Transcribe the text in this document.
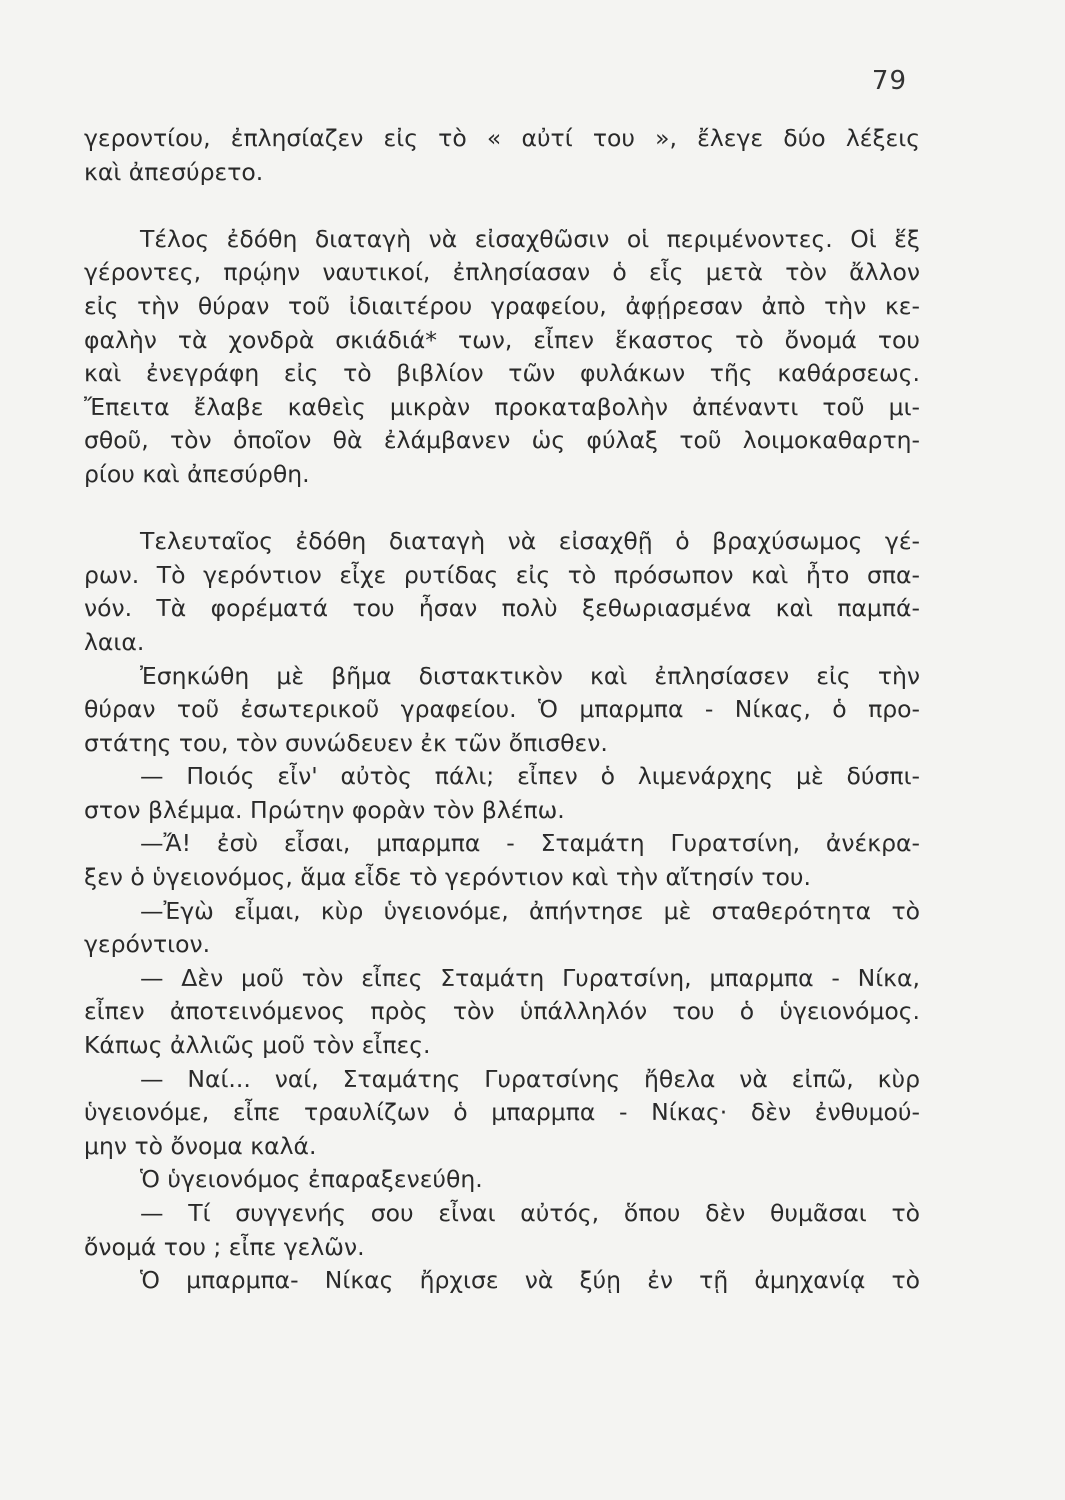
79
γεροντίου, ἐπλησίαζεν εἰς τὸ « αὐτί του », ἔλεγε δύο λέξεις
καὶ ἀπεσύρετο.
Τέλος ἐδόθη διαταγὴ νὰ εἰσαχθῶσιν οἱ περιμένοντες. Οἱ ἕξ
γέροντες, πρῴην ναυτικοί, ἐπλησίασαν ὁ εἷς μετὰ τὸν ἄλλον
εἰς τὴν θύραν τοῦ ἰδιαιτέρου γραφείου, ἀφῄρεσαν ἀπὸ τὴν κε-
φαλὴν τὰ χονδρὰ σκιάδιά* των, εἶπεν ἕκαστος τὸ ὄνομά του
καὶ ἐνεγράφη εἰς τὸ βιβλίον τῶν φυλάκων τῆς καθάρσεως.
Ἔπειτα ἔλαβε καθεὶς μικρὰν προκαταβολὴν ἀπέναντι τοῦ μι-
σθοῦ, τὸν ὁποῖον θὰ ἐλάμβανεν ὡς φύλαξ τοῦ λοιμοκαθαρτη-
ρίου καὶ ἀπεσύρθη.
Τελευταῖος ἐδόθη διαταγὴ νὰ εἰσαχθῇ ὁ βραχύσωμος γέ-
ρων. Τὸ γερόντιον εἶχε ρυτίδας εἰς τὸ πρόσωπον καὶ ἦτο σπα-
νόν. Τὰ φορέματά του ἦσαν πολὺ ξεθωριασμένα καὶ παμπά-
λαια.
Ἐσηκώθη μὲ βῆμα διστακτικὸν καὶ ἐπλησίασεν εἰς τὴν
θύραν τοῦ ἐσωτερικοῦ γραφείου. Ὁ μπαρμπα - Νίκας, ὁ προ-
στάτης του, τὸν συνώδευεν ἐκ τῶν ὄπισθεν.
— Ποιός εἶν' αὐτὸς πάλι; εἶπεν ὁ λιμενάρχης μὲ δύσπι-
στον βλέμμα. Πρώτην φορὰν τὸν βλέπω.
—Ἄ! ἐσὺ εἶσαι, μπαρμπα - Σταμάτη Γυρατσίνη, ἀνέκρα-
ξεν ὁ ὑγειονόμος, ἅμα εἶδε τὸ γερόντιον καὶ τὴν αἴτησίν του.
—Ἐγὼ εἶμαι, κὺρ ὑγειονόμε, ἀπήντησε μὲ σταθερότητα τὸ
γερόντιον.
— Δὲν μοῦ τὸν εἶπες Σταμάτη Γυρατσίνη, μπαρμπα - Νίκα,
εἶπεν ἀποτεινόμενος πρὸς τὸν ὑπάλληλόν του ὁ ὑγειονόμος.
Κάπως ἀλλιῶς μοῦ τὸν εἶπες.
— Ναί... ναί, Σταμάτης Γυρατσίνης ἤθελα νὰ εἰπῶ, κὺρ
ὑγειονόμε, εἶπε τραυλίζων ὁ μπαρμπα - Νίκας· δὲν ἐνθυμού-
μην τὸ ὄνομα καλά.
Ὁ ὑγειονόμος ἐπαραξενεύθη.
— Τί συγγενής σου εἶναι αὐτός, ὅπου δὲν θυμᾶσαι τὸ
ὄνομά του ; εἶπε γελῶν.
Ὁ μπαρμπα- Νίκας ἤρχισε νὰ ξύῃ ἐν τῇ ἀμηχανίᾳ τὸ
